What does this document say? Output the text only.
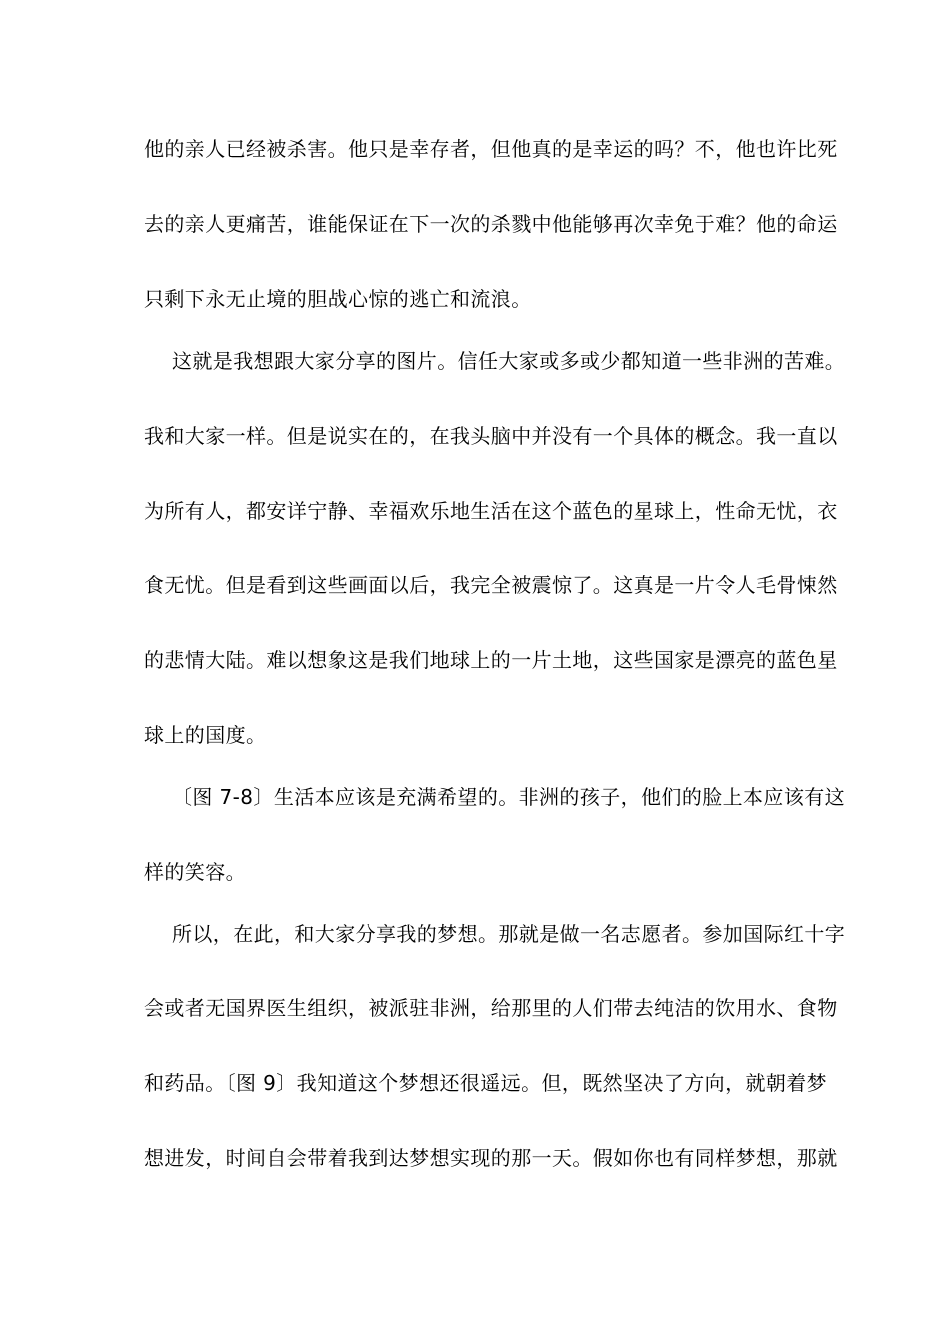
他的亲人已经被杀害。他只是幸存者，但他真的是幸运的吗？不，他也许比死
去的亲人更痛苦，谁能保证在下一次的杀戮中他能够再次幸免于难？他的命运
只剩下永无止境的胆战心惊的逃亡和流浪。
这就是我想跟大家分享的图片。信任大家或多或少都知道一些非洲的苦难。
我和大家一样。但是说实在的，在我头脑中并没有一个具体的概念。我一直以
为所有人，都安详宁静、幸福欢乐地生活在这个蓝色的星球上，性命无忧，衣
食无忧。但是看到这些画面以后，我完全被震惊了。这真是一片令人毛骨悚然
的悲情大陆。难以想象这是我们地球上的一片土地，这些国家是漂亮的蓝色星
球上的国度。
〔图 7-8〕生活本应该是充满希望的。非洲的孩子，他们的脸上本应该有这
样的笑容。
所以，在此，和大家分享我的梦想。那就是做一名志愿者。参加国际红十字
会或者无国界医生组织，被派驻非洲，给那里的人们带去纯洁的饮用水、食物
和药品。〔图 9〕我知道这个梦想还很遥远。但，既然坚决了方向，就朝着梦
想进发，时间自会带着我到达梦想实现的那一天。假如你也有同样梦想，那就
